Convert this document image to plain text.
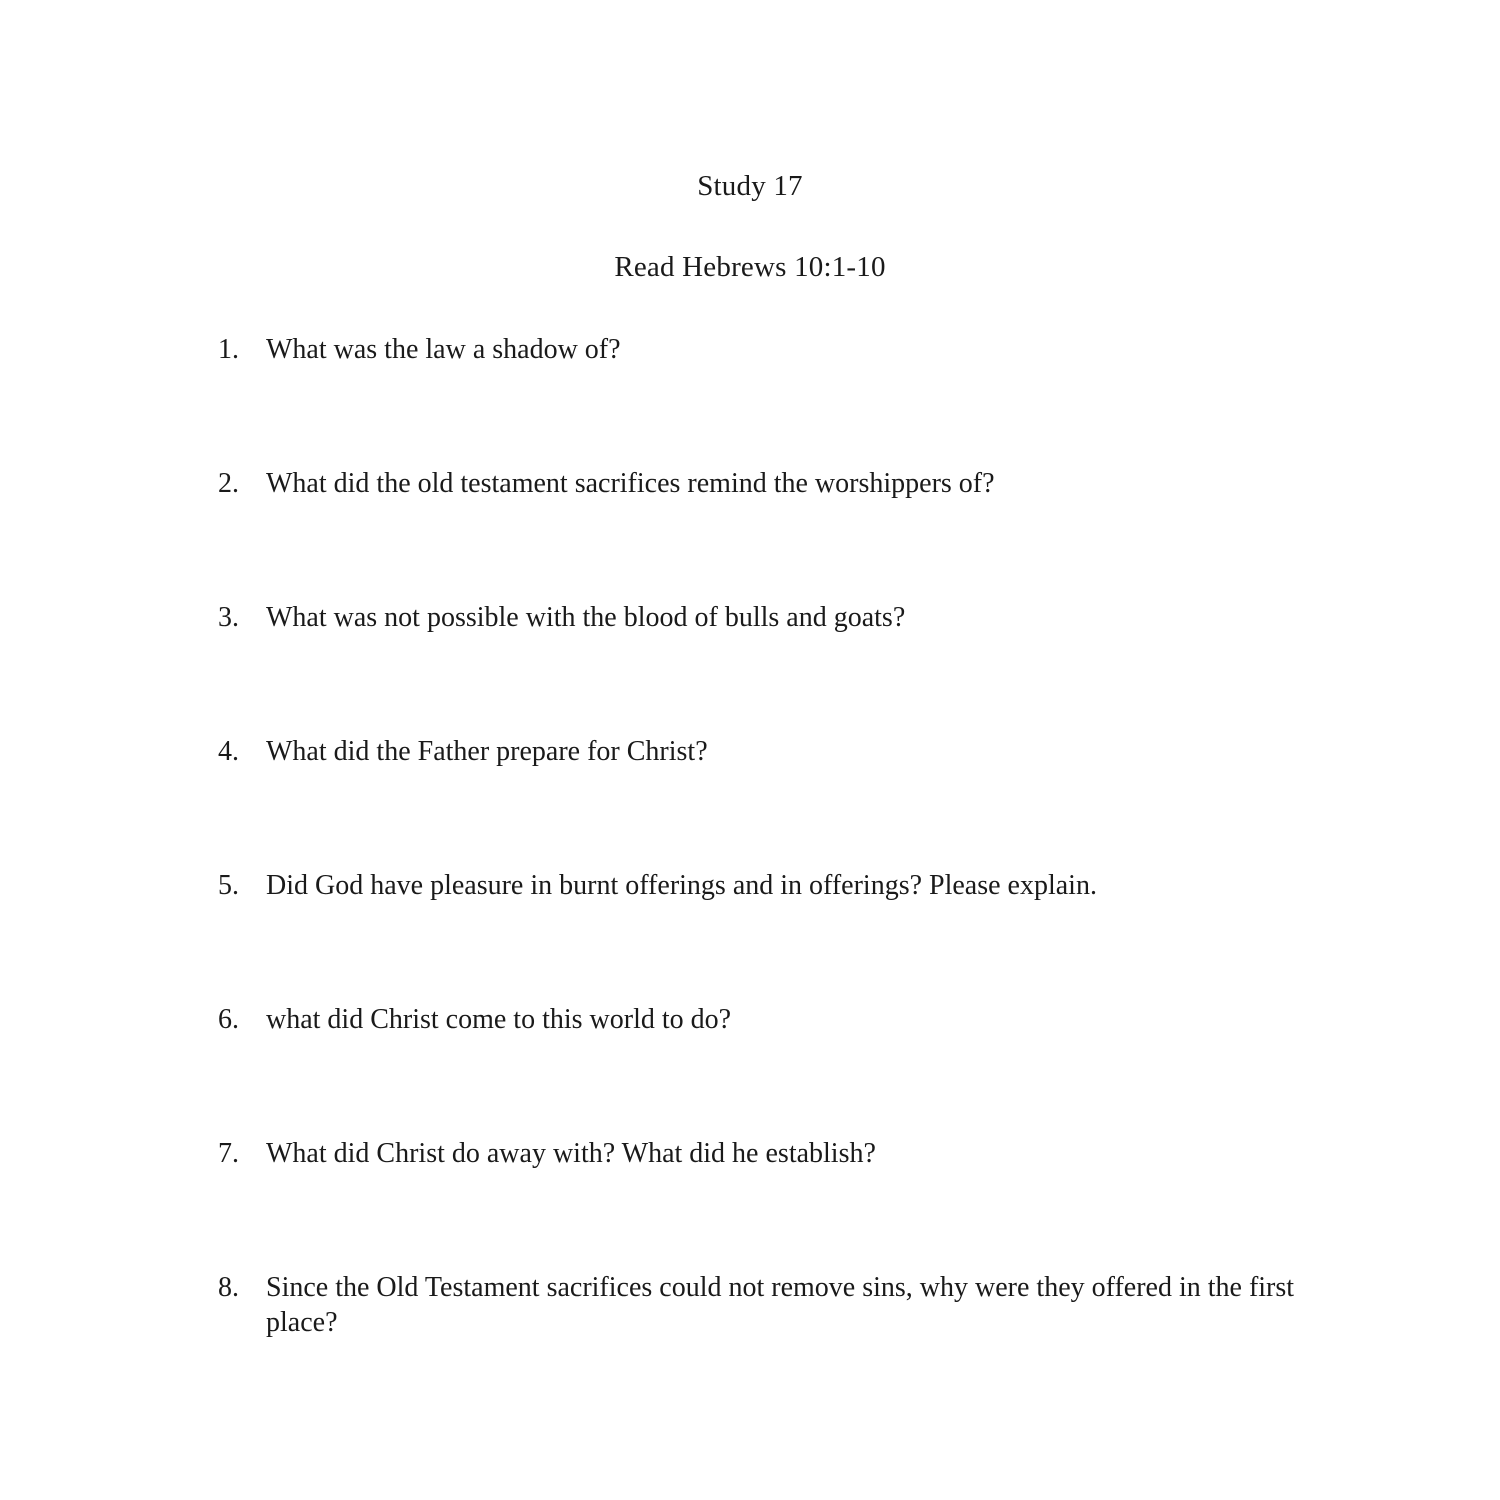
Study 17
Read Hebrews 10:1-10
1. What was the law a shadow of?
2. What did the old testament sacrifices remind the worshippers of?
3. What was not possible with the blood of bulls and goats?
4. What did the Father prepare for Christ?
5. Did God have pleasure in burnt offerings and in offerings? Please explain.
6. what did Christ come to this world to do?
7. What did Christ do away with? What did he establish?
8. Since the Old Testament sacrifices could not remove sins, why were they offered in the first place?
